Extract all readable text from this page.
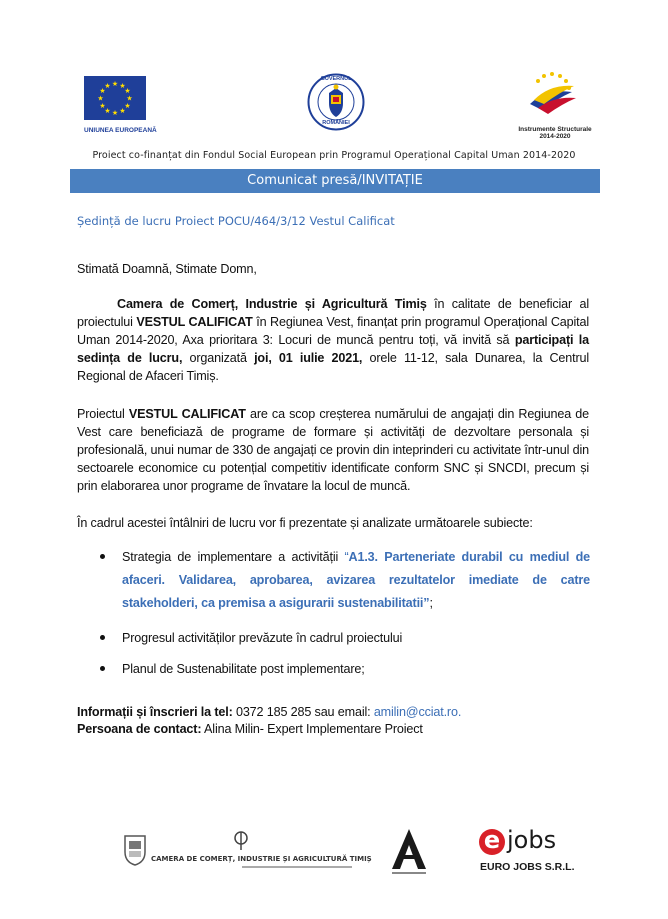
★ ★
★
★
★
★
★
★
★
★
★
★
UNIUNEA EUROPEANĂ
GUVERNUL
ROMÂNIEI
Instrumente Structurale
2014-2020
Proiect co-finanțat din Fondul Social European prin Programul Operațional Capital Uman 2014-2020
Comunicat presă/INVITAȚIE
Ședință de lucru Proiect POCU/464/3/12 Vestul Calificat
Stimată Doamnă, Stimate Domn,
Camera de Comerț, Industrie și Agricultură Timiș în calitate de beneficiar al proiectului VESTUL CALIFICAT în Regiunea Vest, finanțat prin programul Operațional Capital Uman 2014-2020, Axa prioritara 3: Locuri de muncă pentru toți, vă invită să participați la sedința de lucru, organizată joi, 01 iulie 2021, orele 11-12, sala Dunarea, la Centrul Regional de Afaceri Timiș.
Proiectul VESTUL CALIFICAT are ca scop creșterea numărului de angajați din Regiunea de Vest care beneficiază de programe de formare și activități de dezvoltare personala și profesională, unui numar de 330 de angajați ce provin din inteprinderi cu activitate într-unul din sectoarele economice cu potențial competitiv identificate conform SNC și SNCDI, precum și prin elaborarea unor programe de învatare la locul de muncă.
În cadrul acestei întâlniri de lucru vor fi prezentate și analizate următoarele subiecte:
Strategia de implementare a activității “A1.3. Parteneriate durabil cu mediul de afaceri. Validarea, aprobarea, avizarea rezultatelor imediate de catre stakeholderi, ca premisa a asigurarii sustenabilitatii”;
Progresul activităților prevăzute în cadrul proiectului
Planul de Sustenabilitate post implementare;
Informații și înscrieri la tel: 0372 185 285 sau email: amilin@cciat.ro.
Persoana de contact: Alina Milin- Expert Implementare Proiect
CAMERA DE COMERȚ, INDUSTRIE ȘI AGRICULTURĂ TIMIȘ
e jobs
EURO JOBS S.R.L.
